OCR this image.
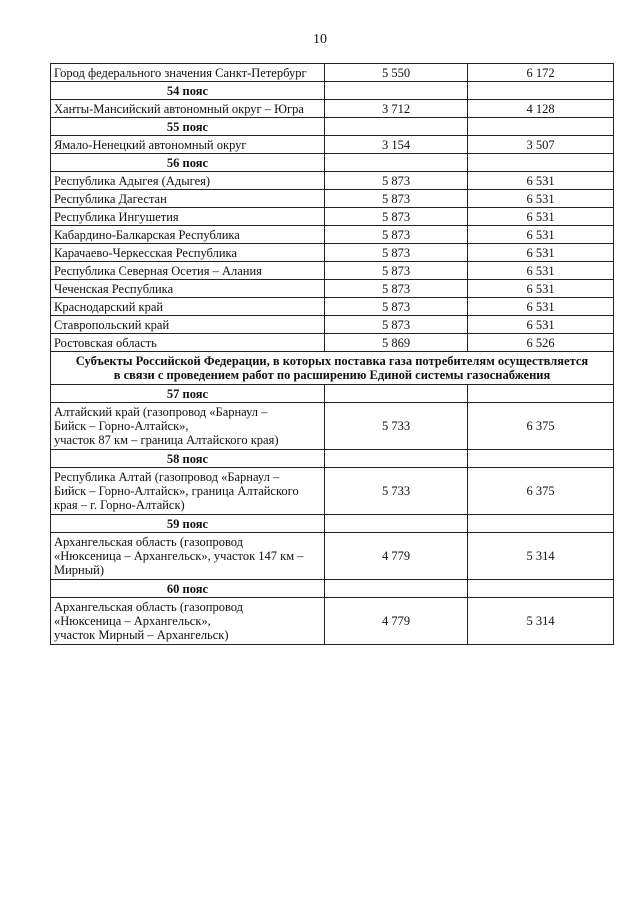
10
Город федерального значения Санкт-Петербург	5 550	6 172
54 пояс		
Ханты-Мансийский автономный округ – Югра	3 712	4 128
55 пояс		
Ямало-Ненецкий автономный округ	3 154	3 507
56 пояс		
Республика Адыгея (Адыгея)	5 873	6 531
Республика Дагестан	5 873	6 531
Республика Ингушетия	5 873	6 531
Кабардино-Балкарская Республика	5 873	6 531
Карачаево-Черкесская Республика	5 873	6 531
Республика Северная Осетия – Алания	5 873	6 531
Чеченская Республика	5 873	6 531
Краснодарский край	5 873	6 531
Ставропольский край	5 873	6 531
Ростовская область	5 869	6 526

Субъекты Российской Федерации, в которых поставка газа потребителям осуществляется
в связи с проведением работ по расширению Единой системы газоснабжения		

57 пояс		

Алтайский край (газопровод «Барнаул –
Бийск – Горно-Алтайск»,
участок 87 км – граница Алтайского края)	5 733	6 375
58 пояс		

Республика Алтай (газопровод «Барнаул –
Бийск – Горно-Алтайск», граница Алтайского
края – г. Горно-Алтайск)	5 733	6 375
59 пояс		

Архангельская область (газопровод
«Нюксеница – Архангельск», участок 147 км –
Мирный)	4 779	5 314
60 пояс		

Архангельская область (газопровод
«Нюксеница – Архангельск»,
участок Мирный – Архангельск)	4 779	5 314
